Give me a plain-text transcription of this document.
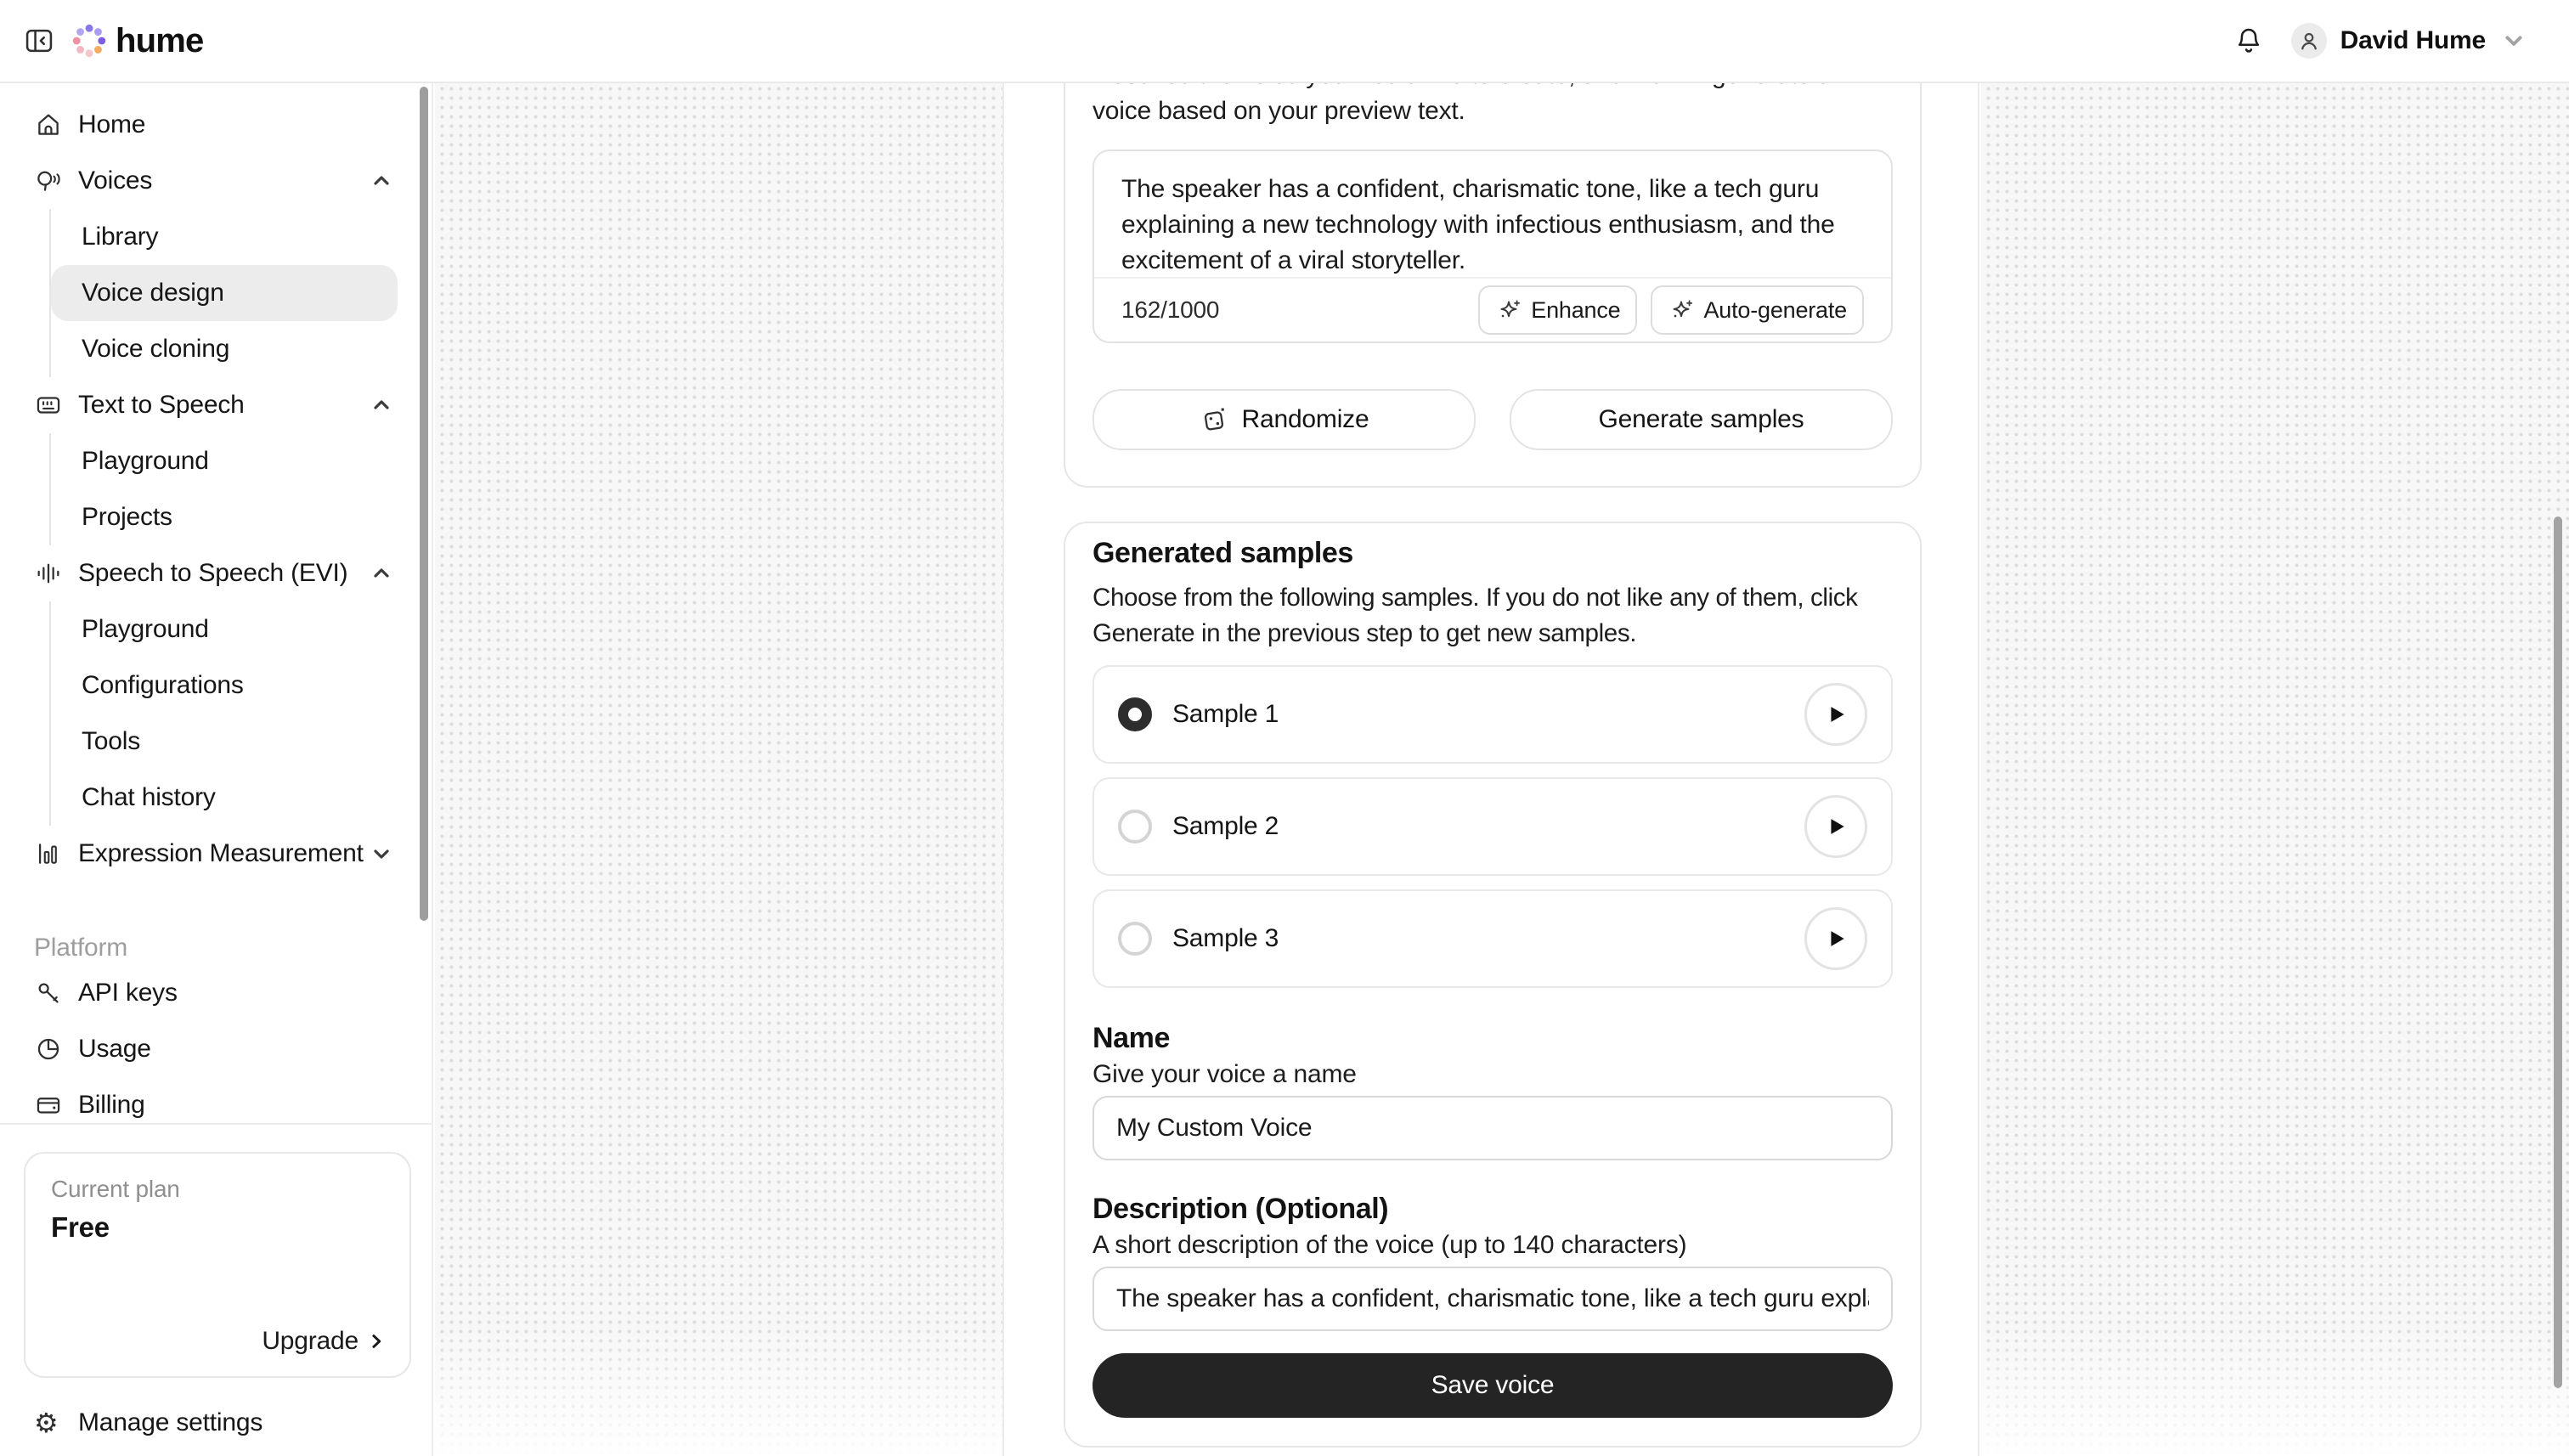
hume	David Hume
Home
Voices
Library
Voice design
Voice cloning
Text to Speech
Playground
Projects
Speech to Speech (EVI)
Playground
Configurations
Tools
Chat history
Expression Measurement
Platform
API keys
Usage
Billing
Current plan
Free
Upgrade
⚙	Manage settings
voice based on your preview text.
The speaker has a confident, charismatic tone, like a tech guru explaining a new technology with infectious enthusiasm, and the excitement of a viral storyteller.
162/1000	Enhance	Auto-generate
Randomize	Generate samples
Generated samples
Choose from the following samples. If you do not like any of them, click
Generate in the previous step to get new samples.
Sample 1
Sample 2
Sample 3
Name
Give your voice a name
My Custom Voice
Description (Optional)
A short description of the voice (up to 140 characters)
The speaker has a confident, charismatic tone, like a tech guru explaini
Save voice
